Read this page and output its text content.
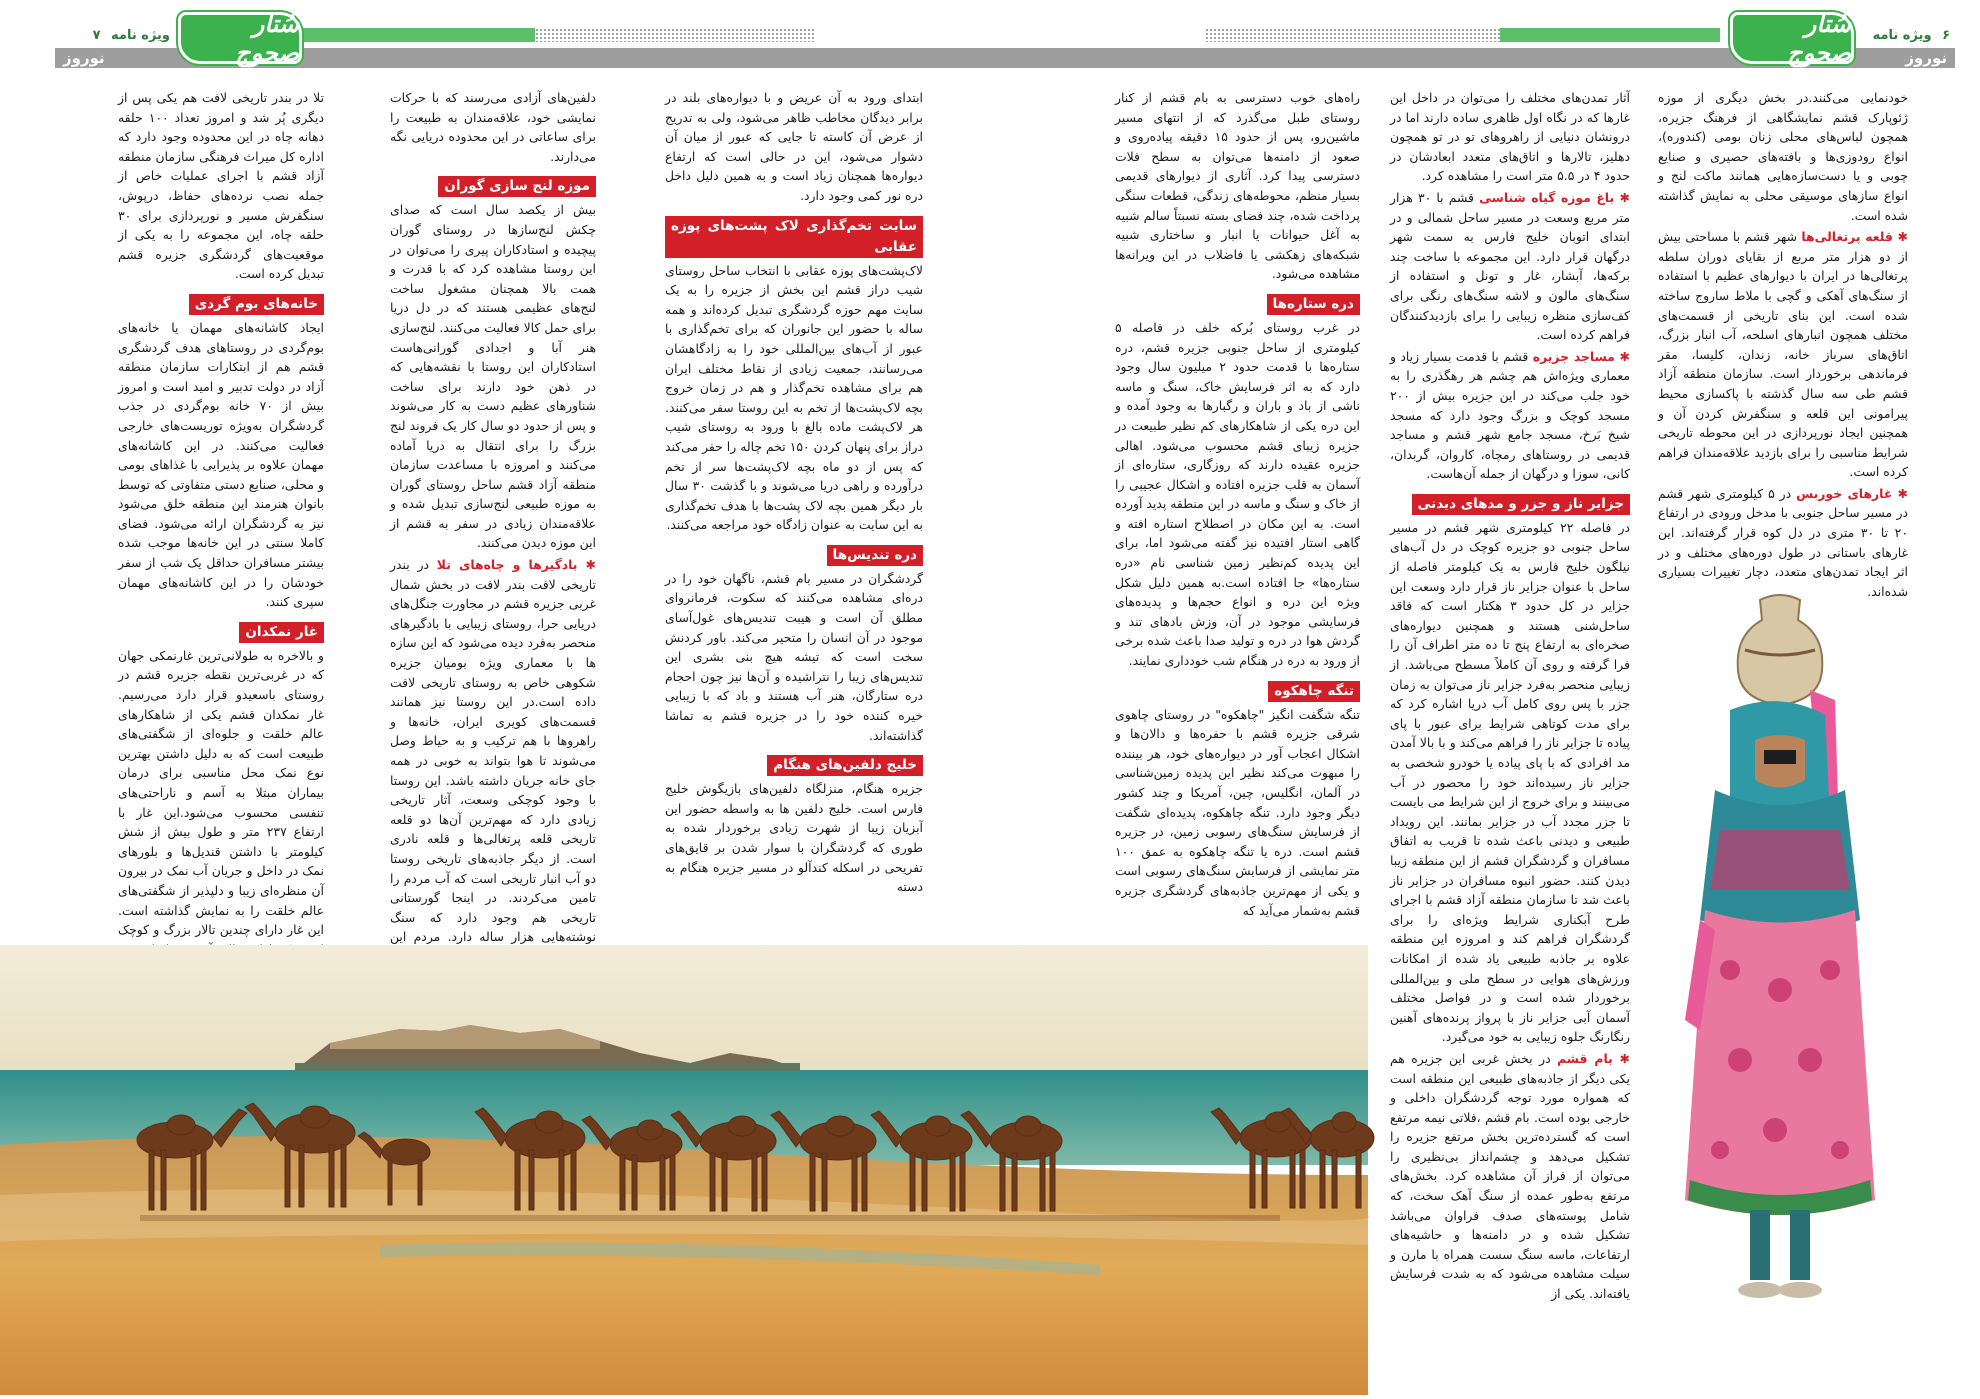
نوروز
ویژه نامه ۷	سُتار صحوج

تلا در بندر تاریخی لافت هم یکی پس از دیگری پُر شد و امروز تعداد ۱۰۰ حلقه دهانه چاه در این محدوده وجود دارد که اداره کل میراث فرهنگی سازمان منطقه آزاد قشم با اجرای عملیات خاص از جمله نصب نرده‌های حفاظ، درپوش، سنگفرش مسیر و نورپردازی برای ۳۰ حلقه چاه، این مجموعه را به یکی از موقعیت‌های گردشگری جزیره قشم تبدیل کرده است.

خانه‌های بوم گردی

ایجاد کاشانه‌های مهمان یا خانه‌های بوم‌گردی در روستاهای هدف گردشگری قشم هم از ابتکارات سازمان منطقه آزاد در دولت تدبیر و امید است و امروز بیش از ۷۰ خانه بوم‌گردی در جذب گردشگران به‌ویژه توریست‌های خارجی فعالیت می‌کنند. در این کاشانه‌های مهمان علاوه بر پذیرایی با غذاهای بومی و محلی، صنایع دستی متفاوتی که توسط بانوان هنرمند این منطقه خلق می‌شود نیز به گردشگران ارائه می‌شود. فضای کاملا سنتی در این خانه‌ها موجب شده بیشتر مسافران حداقل یک شب از سفر خودشان را در این کاشانه‌های مهمان سپری کنند.

غار نمکدان

و بالاخره به طولانی‌ترین غارنمکی جهان که در غربی‌ترین نقطه جزیره قشم در روستای باسعیدو قرار دارد می‌رسیم. غار نمکدان قشم یکی از شاهکارهای عالم خلقت و جلوه‌ای از شگفتی‌های طبیعت است که به دلیل داشتن بهترین نوع نمک محل مناسبی برای درمان بیماران مبتلا به آسم و ناراحتی‌های تنفسی محسوب می‌شود.این غار با ارتفاع ۲۳۷ متر و طول بیش از شش کیلومتر با داشتن قندیل‌ها و بلورهای نمک در داخل و جریان آب نمک در بیرون آن منظره‌ای زیبا و دلپذیر از شگفتی‌های عالم خلقت را به نمایش گذاشته است. این غار دارای چندین تالار بزرگ و کوچک

دلفین‌های آزادی می‌رسند که با حرکات نمایشی خود، علاقه‌مندان به طبیعت را برای ساعاتی در این محدوده دریایی نگه می‌دارند.

موزه لنج سازی گوران

بیش از یکصد سال است که صدای چکش لنج‌سازها در روستای گوران پیچیده و استادکاران پیری را می‌توان در این روستا مشاهده کرد که با قدرت و همت بالا همچنان مشغول ساخت لنج‌های عظیمی هستند که در دل دریا برای حمل کالا فعالیت می‌کنند. لنج‌سازی هنر آبا و اجدادی گورانی‌هاست استادکاران این روستا با نقشه‌هایی که در ذهن خود دارند برای ساخت شناورهای عظیم دست به کار می‌شوند و پس از حدود دو سال کار یک فروند لنج بزرگ را برای انتقال به دریا آماده می‌کنند و امروزه با مساعدت سازمان منطقه آزاد قشم ساحل روستای گوران به موزه طبیعی لنج‌سازی تبدیل شده و علاقه‌مندان زیادی در سفر به قشم از این موزه دیدن می‌کنند.

✱ بادگیرها و چاه‌های تلا در بندر تاریخی لافت بندر لافت در بخش شمال غربی جزیره قشم در مجاورت جنگل‌های دریایی حرا، روستای زیبایی با بادگیرهای منحصر به‌فرد دیده می‌شود که این سازه ها با معماری ویژه بومیان جزیره شکوهی خاص به روستای تاریخی لافت داده است.در این روستا نیز همانند قسمت‌های کویری ایران، خانه‌ها و راهروها با هم ترکیب و به حیاط وصل می‌شوند تا هوا بتواند به خوبی در همه جای خانه جریان داشته باشد. این روستا با وجود کوچکی وسعت، آثار تاریخی زیادی دارد که مهم‌ترین آن‌ها دو قلعه تاریخی قلعه پرتغالی‌ها و قلعه نادری است. از دیگر جاذبه‌های تاریخی روستا دو آب انبار تاریخی است که آب مردم را تامین می‌کردند. در اینجا گورستانی تاریخی هم وجود دارد که سنگ نوشته‌هایی هزار ساله دارد. مردم این

ابتدای ورود به آن عریض و با دیواره‌های بلند در برابر دیدگان مخاطب ظاهر می‌شود، ولی به تدریج از عرض آن کاسته تا جایی که عبور از میان آن دشوار می‌شود، این در حالی است که ارتفاع دیواره‌ها همچنان زیاد است و به همین دلیل داخل دره نور کمی وجود دارد.

سایت تخم‌گذاری لاک پشت‌های پوزه عقابی

لاک‌پشت‌های پوزه عقابی با انتخاب ساحل روستای شیب دراز قشم این بخش از جزیره را به یک سایت مهم حوزه گردشگری تبدیل کرده‌اند و همه ساله با حضور این جانوران که برای تخم‌گذاری با عبور از آب‌های بین‌المللی خود را به زادگاهشان می‌رسانند، جمعیت زیادی از نقاط مختلف ایران هم برای مشاهده تخم‌گذار و هم در زمان خروج بچه لاک‌پشت‌ها از تخم به این روستا سفر می‌کنند. هر لاک‌پشت ماده بالغ با ورود به روستای شیب دراز برای پنهان کردن ۱۵۰ تخم چاله را حفر می‌کند که پس از دو ماه بچه لاک‌پشت‌ها سر از تخم درآورده و راهی دریا می‌شوند و با گذشت ۳۰ سال بار دیگر همین بچه لاک پشت‌ها با هدف تخم‌گذاری به این سایت به عنوان زادگاه خود مراجعه می‌کنند.

دره تندیس‌ها

گردشگران در مسیر بام قشم، ناگهان خود را در دره‌ای مشاهده می‌کنند که سکوت، فرمانروای مطلق آن است و هیبت تندیس‌های غول‌آسای موجود در آن انسان را متحیر می‌کند. باور کردنش سخت است که تیشه هیچ بنی بشری این تندیس‌های زیبا را نتراشیده و آن‌ها نیز چون احجام دره ستارگان، هنر آب هستند و باد که با زیبایی خیره کننده خود را در جزیره قشم به تماشا گذاشته‌اند.

خلیج دلفین‌های هنگام

جزیره هنگام، منزلگاه دلفین‌های بازیگوش خلیج فارس است. خلیج دلفین ها به واسطه حضور این آبزیان زیبا از شهرت زیادی برخوردار شده به طوری که گردشگران با سوار شدن بر قایق‌های تفریحی در اسکله کندآلو در مسیر جزیره هنگام به دسته

نوروز
سُتار صحوج
۶ ویژه نامه

راه‌های خوب دسترسی به بام قشم از کنار روستای طبل می‌گذرد که از انتهای مسیر ماشین‌رو، پس از حدود ۱۵ دقیقه پیاده‌روی و صعود از دامنه‌ها می‌توان به سطح فلات دسترسی پیدا کرد. آثاری از دیوارهای قدیمی بسیار منظم، محوطه‌های زندگی، قطعات سنگی پرداخت شده، چند فضای بسته نسبتاً سالم شبیه به آغل حیوانات یا انبار و ساختاری شبیه شبکه‌های زهکشی یا فاضلاب در این ویرانه‌ها مشاهده می‌شود.

دره ستاره‌ها

در غرب روستای بُرکه خلف در فاصله ۵ کیلومتری از ساحل جنوبی جزیره قشم، دره ستاره‌ها با قدمت حدود ۲ میلیون سال وجود دارد که به اثر فرسایش خاک، سنگ و ماسه ناشی از باد و باران و رگبارها به وجود آمده و این دره یکی از شاهکارهای کم نظیر طبیعت در جزیره زیبای قشم محسوب می‌شود. اهالی جزیره عقیده دارند که روزگاری، ستاره‌ای از آسمان به قلب جزیره افتاده و اشکال عجیبی را از خاک و سنگ و ماسه در این منطقه پدید آورده است. به این مکان در اصطلاح استاره افته و گاهی استار افتیده نیز گفته می‌شود اما، برای این پدیده کم‌نظیر زمین شناسی نام «دره ستاره‌ها» جا افتاده است.به همین دلیل شکل ویژه این دره و انواع حجم‌ها و پدیده‌های فرسایشی موجود در آن، وزش بادهای تند و گردش هوا در دره و تولید صدا باعث شده برخی از ورود به دره در هنگام شب خودداری نمایند.

تنگه چاهکوه

تنگه شگفت انگیز "چاهکوه" در روستای چاهوی شرقی جزیره قشم با حفره‌ها و دالان‌ها و اشکال اعجاب آور در دیواره‌های خود، هر بیننده را مبهوت می‌کند نظیر این پدیده زمین‌شناسی در آلمان، انگلیس، چین، آمریکا و چند کشور دیگر وجود دارد. تنگه چاهکوه، پدیده‌ای شگفت از فرسایش سنگ‌های رسوبی زمین، در جزیره قشم است. دره یا تنگه چاهکوه به عمق ۱۰۰ متر نمایشی از فرسایش سنگ‌های رسوبی است و یکی از مهم‌ترین جاذبه‌های گردشگری جزیره قشم به‌شمار می‌آید که

آثار تمدن‌های مختلف را می‌توان در داخل این غارها که در نگاه اول ظاهری ساده دارند اما در درونشان دنیایی از راهروهای تو در تو همچون دهلیز، تالارها و اتاق‌های متعدد ابعادشان در حدود ۴ در ۵.۵ متر است را مشاهده کرد.

✱ باغ موزه گیاه شناسی قشم با ۳۰ هزار متر مربع وسعت در مسیر ساحل شمالی و در ابتدای اتوبان خلیج فارس به سمت شهر درگهان قرار دارد. این مجموعه با ساخت چند برکه‌ها، آبشار، غار و تونل و استفاده از سنگ‌های مالون و لاشه سنگ‌های رنگی برای کف‌سازی منظره زیبایی را برای بازدیدکنندگان فراهم کرده است.

✱ مساجد جزیره قشم با قدمت بسیار زیاد و معماری ویژه‌اش هم چشم هر رهگذری را به خود جلب می‌کند در این جزیره بیش از ۲۰۰ مسجد کوچک و بزرگ وجود دارد که مسجد شیخ بَرخ، مسجد جامع شهر قشم و مساجد قدیمی در روستاهای رمچاه، کاروان، گربدان، کانی، سوزا و درگهان از جمله آن‌هاست.

جزایر ناز و جزر و مدهای دیدنی

در فاصله ۲۲ کیلومتری شهر قشم در مسیر ساحل جنوبی دو جزیره کوچک در دل آب‌های نیلگون خلیج فارس به یک کیلومتر فاصله از ساحل با عنوان جزایر ناز قرار دارد وسعت این جزایر در کل حدود ۳ هکتار است که فاقد ساحل‌شنی هستند و همچنین دیواره‌های صخره‌ای به ارتفاع پنج تا ده متر اطراف آن را فرا گرفته و روی آن کاملاً مسطح می‌باشد. از زیبایی منحصر به‌فرد جزایر ناز می‌توان به زمان جزر با پس روی کامل آب دریا اشاره کرد که برای مدت کوتاهی شرایط برای عبور با پای پیاده تا جزایر ناز را فراهم می‌کند و با بالا آمدن مد افرادی که با پای پیاده یا خودرو شخصی به جزایر ناز رسیده‌اند خود را محصور در آب می‌بینند و برای خروج از این شرایط می بایست تا جزر مجدد آب در جزایر بمانند. این رویداد طبیعی و دیدنی باعث شده تا قریب به اتفاق مسافران و گردشگران قشم از این منطقه زیبا دیدن کنند. حضور انبوه مسافران در جزایر ناز باعث شد تا سازمان منطقه آزاد قشم با اجرای طرح آبکناری شرایط ویژه‌ای را برای گردشگران فراهم کند و امروزه این منطقه علاوه بر جاذبه طبیعی یاد شده از امکانات ورزش‌های هوایی در سطح ملی و بین‌المللی برخوردار شده است و در فواصل مختلف آسمان آبی جزایر ناز با پرواز پرنده‌های آهنین رنگارنگ جلوه زیبایی به خود می‌گیرد.

✱ بام قشم در بخش غربی این جزیره هم یکی دیگر از جاذبه‌های طبیعی این منطقه است که همواره مورد توجه گردشگران داخلی و خارجی بوده است. بام قشم ،فلاتی نیمه مرتفع است که گسترده‌ترین بخش مرتفع جزیره را تشکیل می‌دهد و چشم‌انداز بی‌نظیری را می‌توان از فراز آن مشاهده کرد. بخش‌های مرتفع به‌طور عمده از سنگ آهک سخت، که شامل پوسته‌های صدف فراوان می‌باشد تشکیل شده و در دامنه‌ها و حاشیه‌های ارتفاعات، ماسه سنگ سست همراه با مارن و سیلت مشاهده می‌شود که به شدت فرسایش یافته‌اند. یکی از

خودنمایی می‌کنند.در بخش دیگری از موزه ژئوپارک قشم نمایشگاهی از فرهنگ جزیره، همچون لباس‌های محلی زنان بومی (کندوره)، انواع رودوزی‌ها و بافته‌های حصیری و صنایع چوبی و یا دست‌سازه‌هایی همانند ماکت لنج و انواع سازهای موسیقی محلی به نمایش گذاشته شده است.

✱ قلعه پرتغالی‌ها شهر قشم با مساحتی بیش از دو هزار متر مربع از بقایای دوران سلطه پرتغالی‌ها در ایران با دیوارهای عظیم با استفاده از سنگ‌های آهکی و گچی با ملاط ساروج ساخته شده است. این بنای تاریخی از قسمت‌های مختلف همچون انبارهای اسلحه، آب انبار بزرگ، اتاق‌های سرباز خانه، زندان، کلیسا، مقر فرماندهی برخوردار است. سازمان منطقه آزاد قشم طی سه سال گذشته با پاکسازی محیط پیرامونی این قلعه و سنگفرش کردن آن و همچنین ایجاد نورپردازی در این محوطه تاریخی شرایط مناسبی را برای بازدید علاقه‌مندان فراهم کرده است.

✱ غارهای خوربس در ۵ کیلومتری شهر قشم در مسیر ساحل جنوبی با مدخل ورودی در ارتفاع ۲۰ تا ۳۰ متری در دل کوه قرار گرفته‌اند. این غارهای باستانی در طول دوره‌های مختلف و در اثر ایجاد تمدن‌های متعدد، دچار تغییرات بسیاری شده‌اند.
